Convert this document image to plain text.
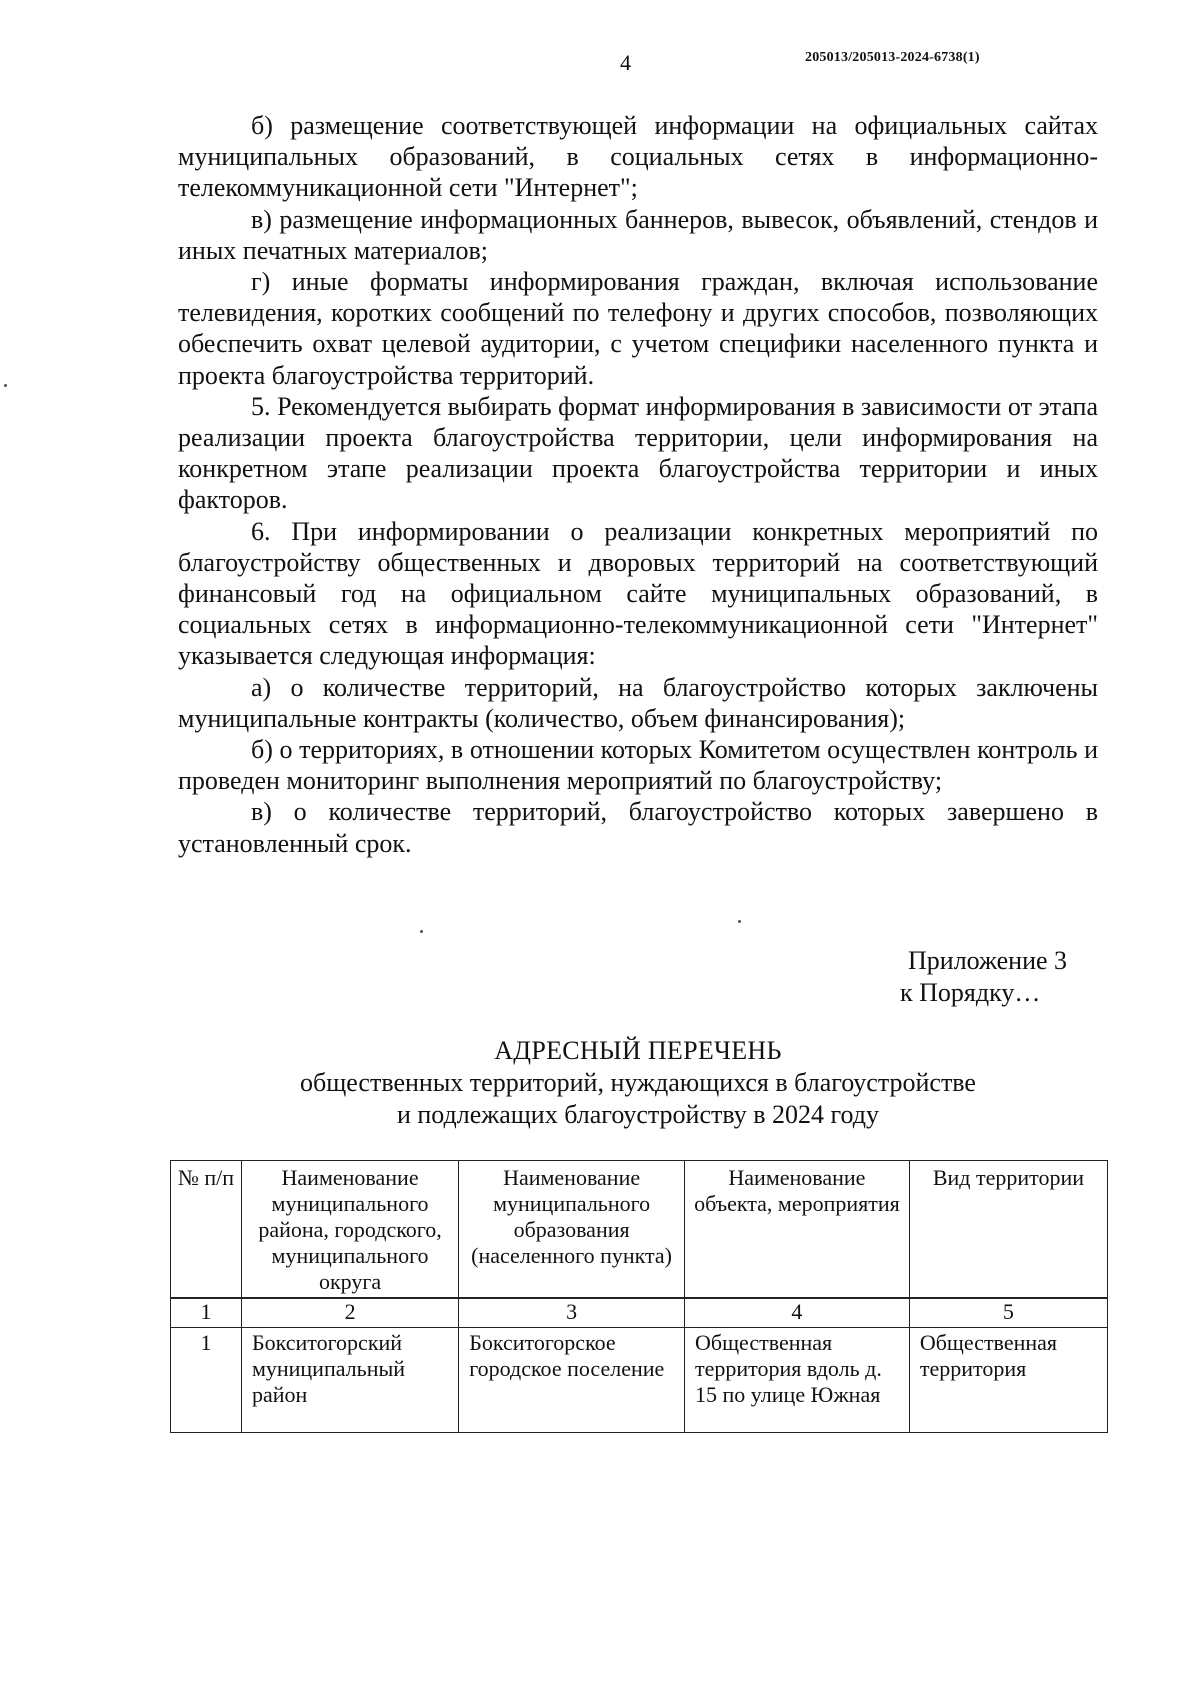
4	205013/205013-2024-6738(1)

б) размещение соответствующей информации на официальных сайтах муниципальных образований, в социальных сетях в информационно-телекоммуникационной сети "Интернет";

в) размещение информационных баннеров, вывесок, объявлений, стендов и иных печатных материалов;

г) иные форматы информирования граждан, включая использование телевидения, коротких сообщений по телефону и других способов, позволяющих обеспечить охват целевой аудитории, с учетом специфики населенного пункта и проекта благоустройства территорий.

5. Рекомендуется выбирать формат информирования в зависимости от этапа реализации проекта благоустройства территории, цели информирования на конкретном этапе реализации проекта благоустройства территории и иных факторов.

6. При информировании о реализации конкретных мероприятий по благоустройству общественных и дворовых территорий на соответствующий финансовый год на официальном сайте муниципальных образований, в социальных сетях в информационно-телекоммуникационной сети "Интернет" указывается следующая информация:

а) о количестве территорий, на благоустройство которых заключены муниципальные контракты (количество, объем финансирования);

б) о территориях, в отношении которых Комитетом осуществлен контроль и проведен мониторинг выполнения мероприятий по благоустройству;

в) о количестве территорий, благоустройство которых завершено в установленный срок.

Приложение 3
к Порядку…
АДРЕСНЫЙ ПЕРЕЧЕНЬ
общественных территорий, нуждающихся в благоустройстве
и подлежащих благоустройству в 2024 году
№ п/п	Наименование муниципального района, городского, муниципального округа	Наименование муниципального образования (населенного пункта)	Наименование объекта, мероприятия	Вид территории
1	2	3	4	5
1	Бокситогорский муниципальный район	Бокситогорское городское поселение	Общественная территория вдоль д. 15 по улице Южная	Общественная территория
